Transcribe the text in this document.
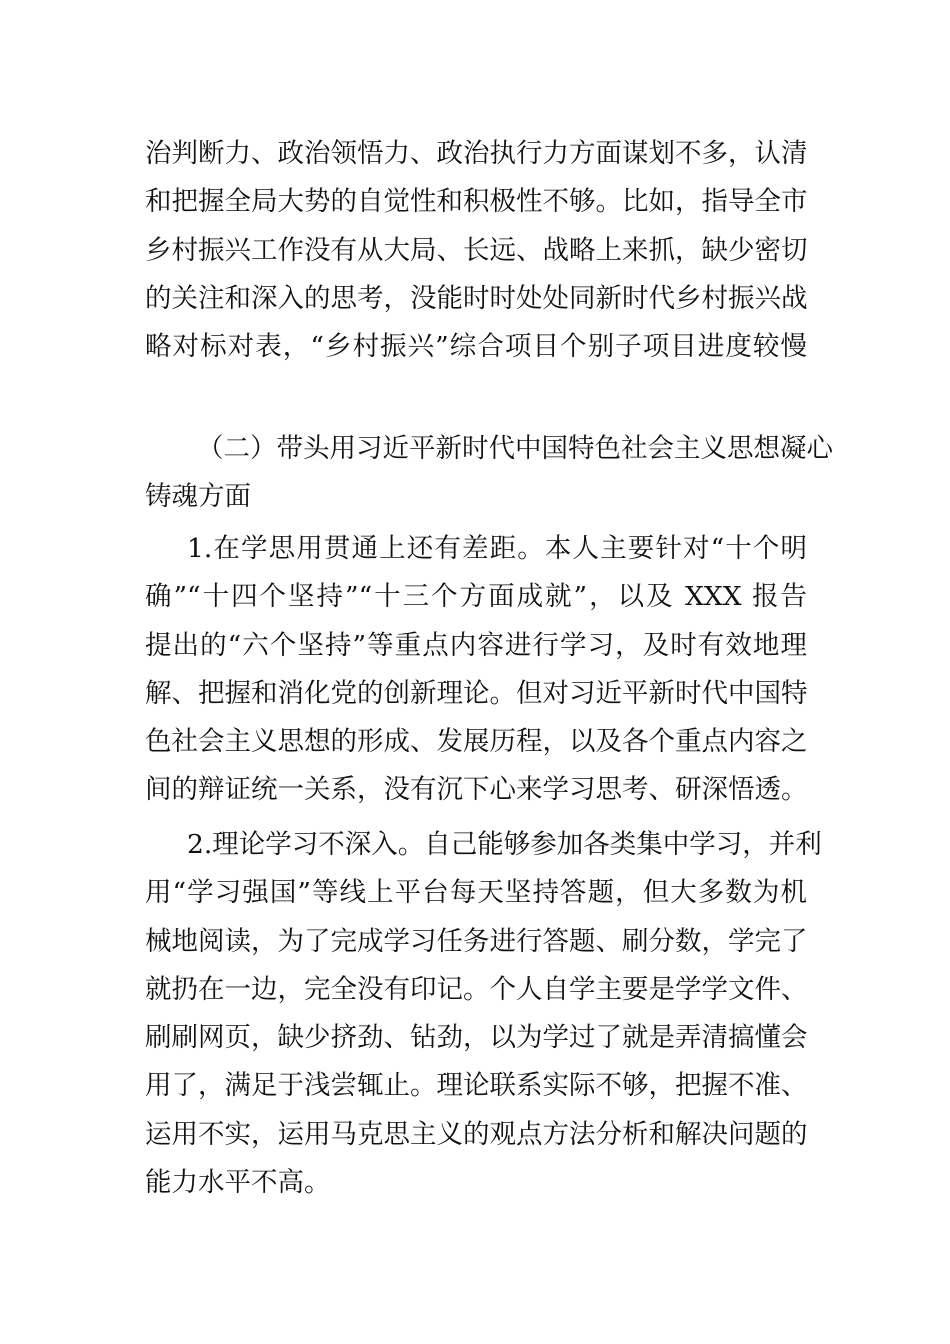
治判断力、政治领悟力、政治执行力方面谋划不多，认清
和把握全局大势的自觉性和积极性不够。比如，指导全市
乡村振兴工作没有从大局、长远、战略上来抓，缺少密切
的关注和深入的思考，没能时时处处同新时代乡村振兴战
略对标对表，“乡村振兴”综合项目个别子项目进度较慢
（二）带头用习近平新时代中国特色社会主义思想凝心
铸魂方面
1.在学思用贯通上还有差距。本人主要针对“十个明
确”“十四个坚持”“十三个方面成就”，以及 XXX 报告
提出的“六个坚持”等重点内容进行学习，及时有效地理
解、把握和消化党的创新理论。但对习近平新时代中国特
色社会主义思想的形成、发展历程，以及各个重点内容之
间的辩证统一关系，没有沉下心来学习思考、研深悟透。
2.理论学习不深入。自己能够参加各类集中学习，并利
用“学习强国”等线上平台每天坚持答题，但大多数为机
械地阅读，为了完成学习任务进行答题、刷分数，学完了
就扔在一边，完全没有印记。个人自学主要是学学文件、
刷刷网页，缺少挤劲、钻劲，以为学过了就是弄清搞懂会
用了，满足于浅尝辄止。理论联系实际不够，把握不准、
运用不实，运用马克思主义的观点方法分析和解决问题的
能力水平不高。
